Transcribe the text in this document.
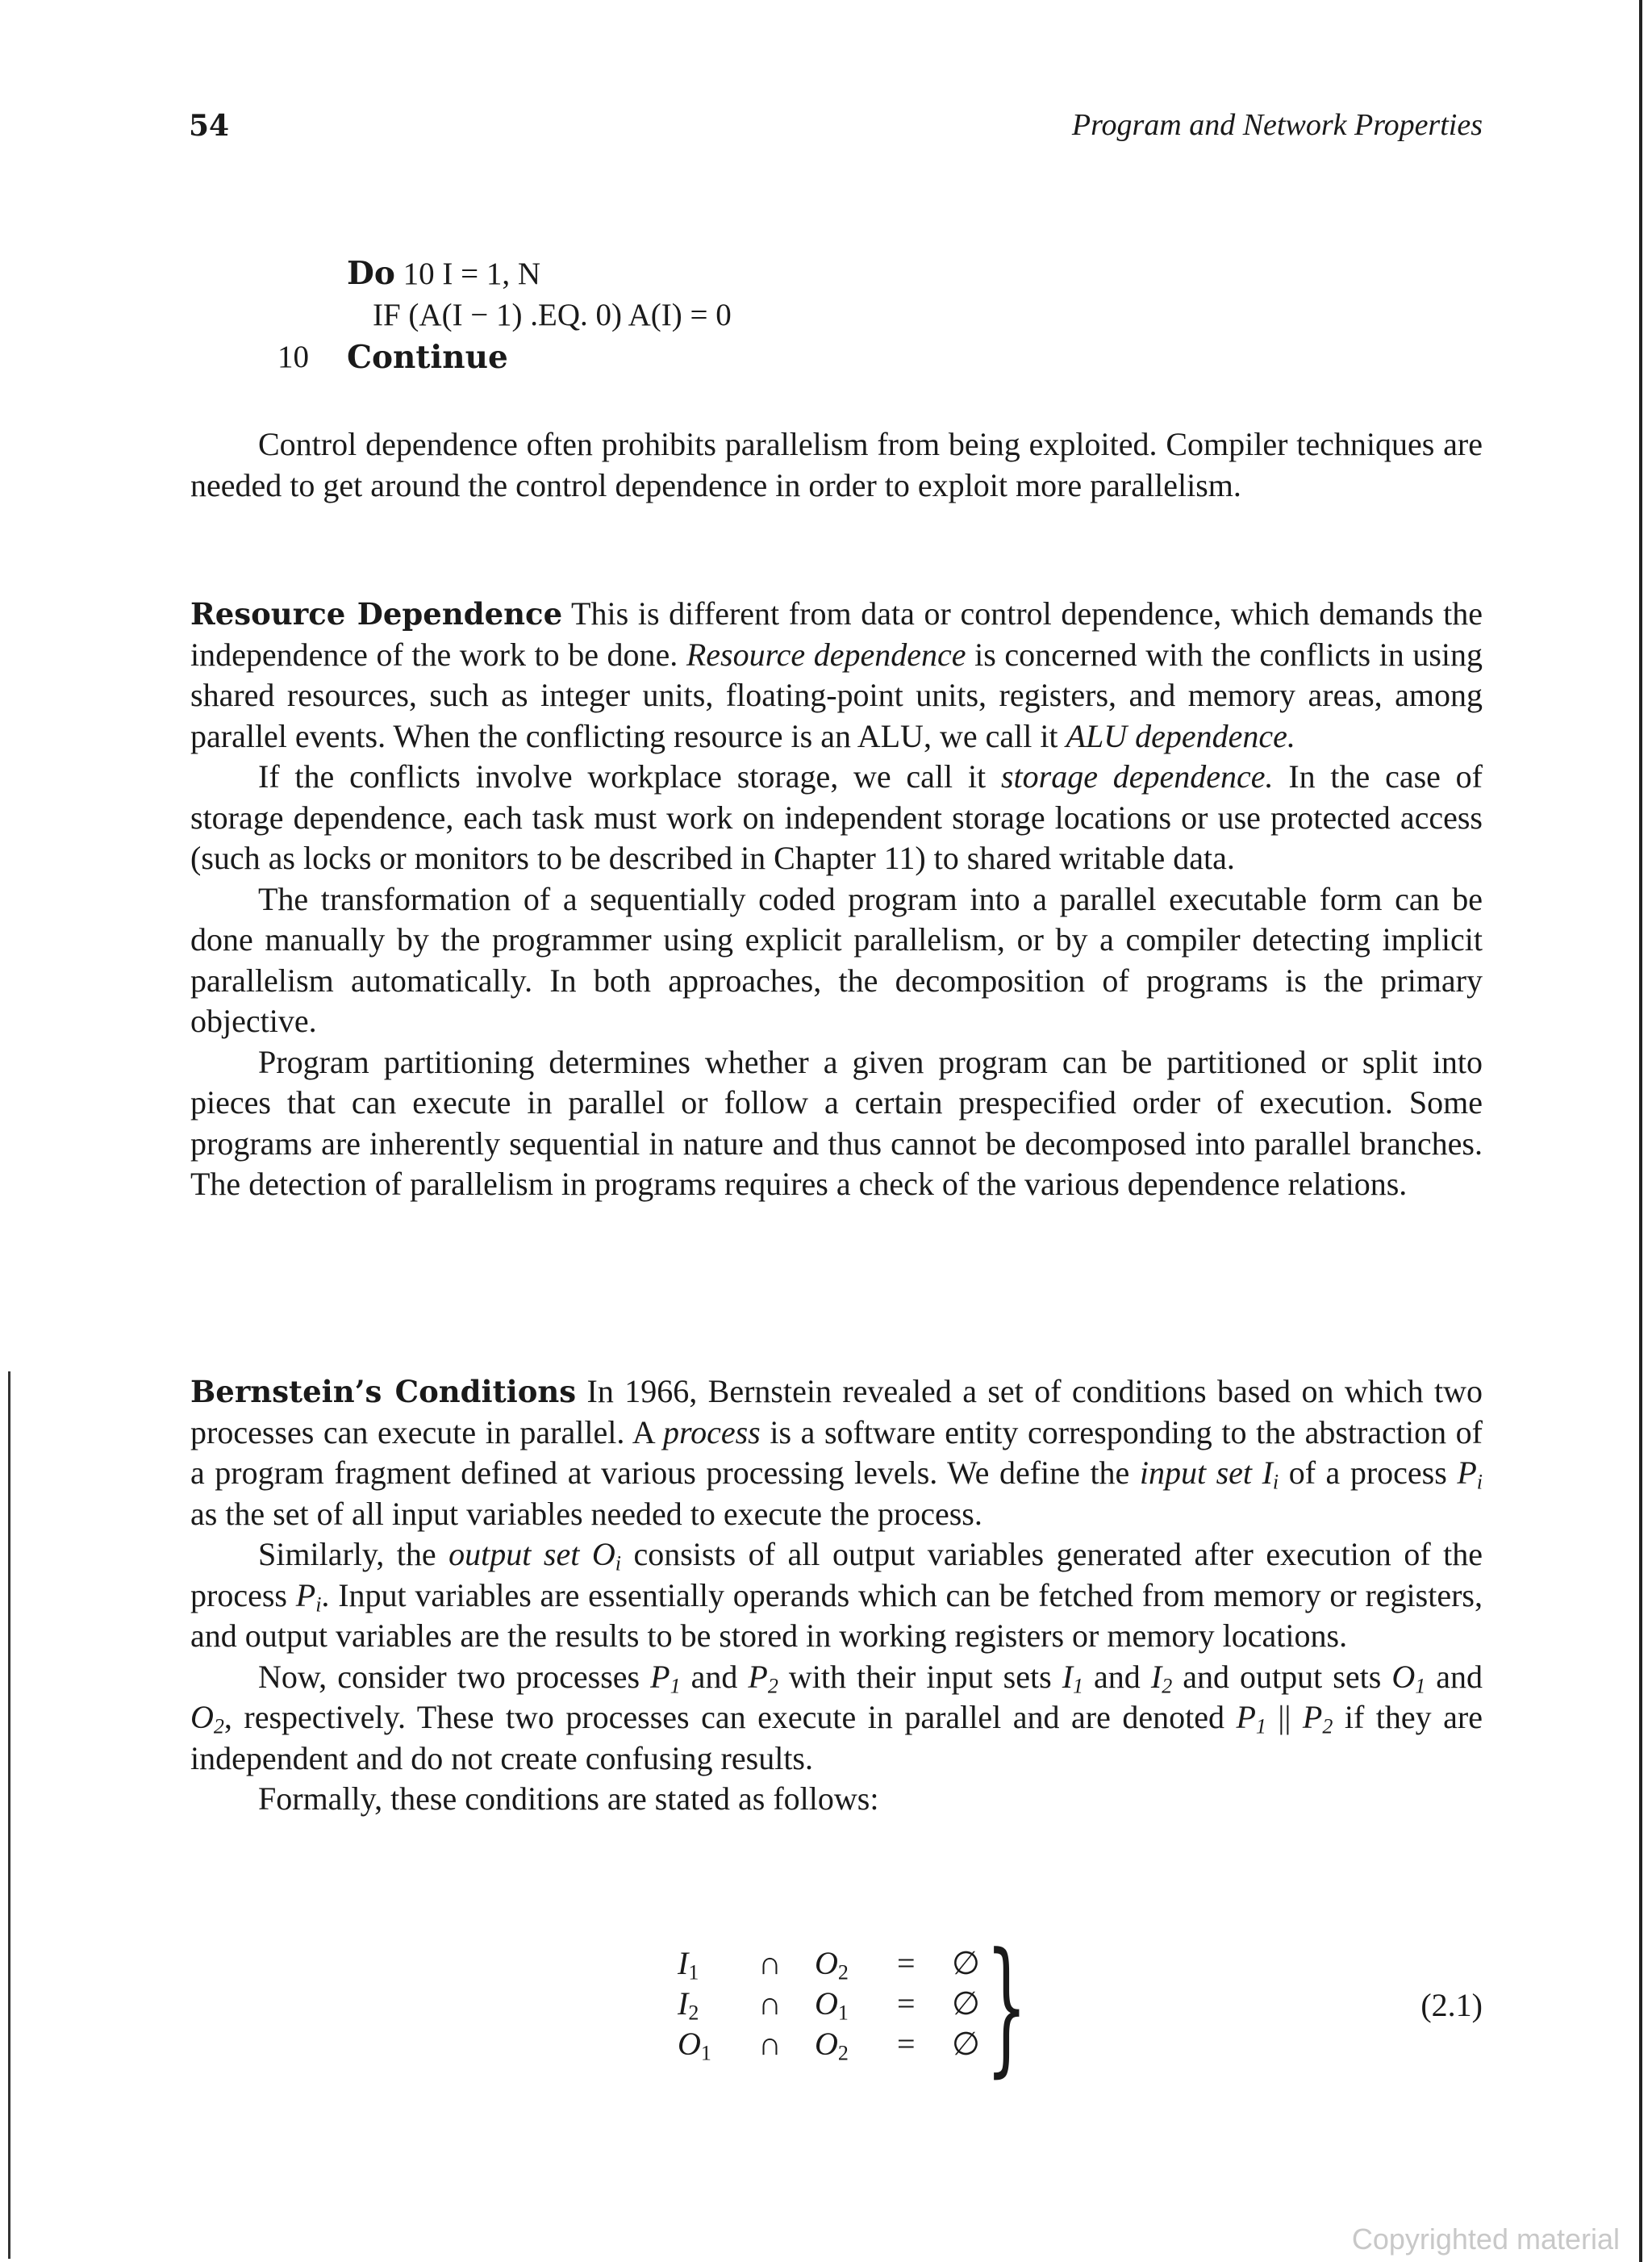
54	Program and Network Properties
Do 10 I = 1, N
IF (A(I − 1) .EQ. 0) A(I) = 0
10 Continue

Control dependence often prohibits parallelism from being exploited. Compiler techniques are needed to get around the control dependence in order to exploit more parallelism.

Resource Dependence This is different from data or control dependence, which demands the independence of the work to be done. Resource dependence is concerned with the conflicts in using shared resources, such as integer units, floating-point units, registers, and memory areas, among parallel events. When the conflicting resource is an ALU, we call it ALU dependence.

If the conflicts involve workplace storage, we call it storage dependence. In the case of storage dependence, each task must work on independent storage locations or use protected access (such as locks or monitors to be described in Chapter 11) to shared writable data.

The transformation of a sequentially coded program into a parallel executable form can be done manually by the programmer using explicit parallelism, or by a compiler detecting implicit parallelism automatically. In both approaches, the decomposition of programs is the primary objective.

Program partitioning determines whether a given program can be partitioned or split into pieces that can execute in parallel or follow a certain prespecified order of execution. Some programs are inherently sequential in nature and thus cannot be decomposed into parallel branches. The detection of parallelism in programs requires a check of the various dependence relations.

Bernstein’s Conditions In 1966, Bernstein revealed a set of conditions based on which two processes can execute in parallel. A process is a software entity corresponding to the abstraction of a program fragment defined at various processing levels. We define the input set $I_i$ of a process $P_i$ as the set of all input variables needed to execute the process.

Similarly, the output set $O_i$ consists of all output variables generated after execution of the process $P_i$. Input variables are essentially operands which can be fetched from memory or registers, and output variables are the results to be stored in working registers or memory locations.

Now, consider two processes $P_1$ and $P_2$ with their input sets $I_1$ and $I_2$ and output sets $O_1$ and $O_2$, respectively. These two processes can execute in parallel and are denoted $P_1$ || $P_2$ if they are independent and do not create confusing results.

Formally, these conditions are stated as follows:

$I_1$ ∩ $O_2$ = ∅
$I_2$ ∩ $O_1$ = ∅
$O_1$ ∩ $O_2$ = ∅ }	(2.1)
Copyrighted material
